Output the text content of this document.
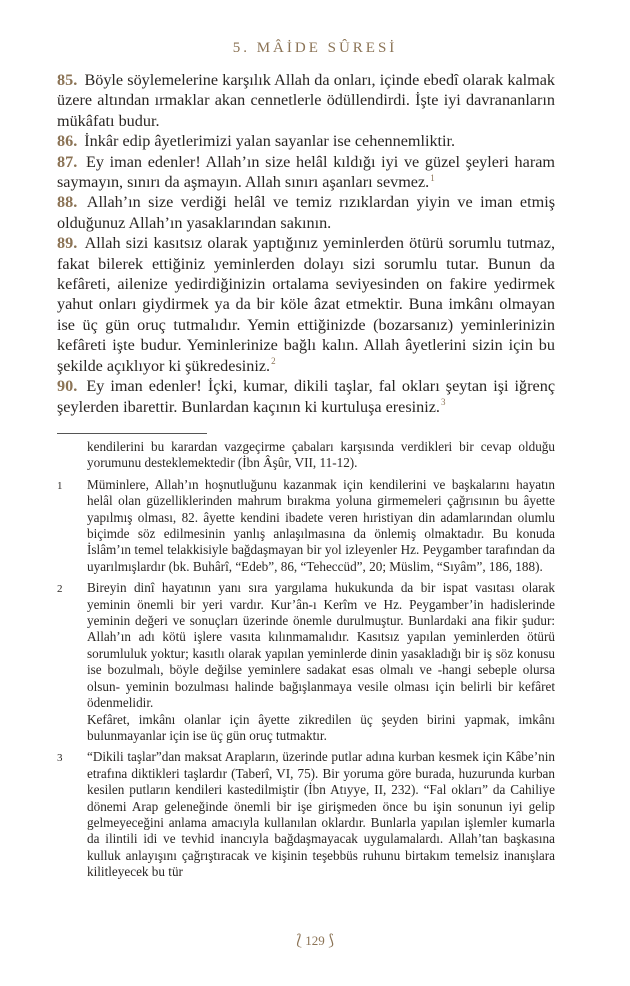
5. MÂİDE SÛRESİ

85. Böyle söylemelerine karşılık Allah da onları, içinde ebedî olarak kalmak üzere altından ırmaklar akan cennetlerle ödüllendirdi. İşte iyi davrananların mükâfatı budur.

86. İnkâr edip âyetlerimizi yalan sayanlar ise cehennemliktir.

87. Ey iman edenler! Allah’ın size helâl kıldığı iyi ve güzel şeyleri haram saymayın, sınırı da aşmayın. Allah sınırı aşanları sevmez.$^1$

88. Allah’ın size verdiği helâl ve temiz rızıklardan yiyin ve iman etmiş olduğunuz Allah’ın yasaklarından sakının.

89. Allah sizi kasıtsız olarak yaptığınız yeminlerden ötürü sorumlu tutmaz, fakat bilerek ettiğiniz yeminlerden dolayı sizi sorumlu tutar. Bunun da kefâreti, ailenize yedirdiğinizin ortalama seviyesinden on fakire yedirmek yahut onları giydirmek ya da bir köle âzat etmektir. Buna imkânı olmayan ise üç gün oruç tutmalıdır. Yemin ettiğinizde (bozarsanız) yeminlerinizin kefâreti işte budur. Yeminlerinize bağlı kalın. Allah âyetlerini sizin için bu şekilde açıklıyor ki şükredesiniz.$^2$

90. Ey iman edenler! İçki, kumar, dikili taşlar, fal okları şeytan işi iğrenç şeylerden ibarettir. Bunlardan kaçının ki kurtuluşa eresiniz.$^3$

kendilerini bu karardan vazgeçirme çabaları karşısında verdikleri bir cevap olduğu yorumunu desteklemektedir (İbn Âşûr, VII, 11-12).

1	Müminlere, Allah’ın hoşnutluğunu kazanmak için kendilerini ve başkalarını hayatın helâl olan güzelliklerinden mahrum bırakma yoluna girmemeleri çağrısının bu âyette yapılmış olması, 82. âyette kendini ibadete veren hıristiyan din adamlarından olumlu biçimde söz edilmesinin yanlış anlaşılmasına da önlemiş olmaktadır. Bu konuda İslâm’ın temel telakkisiyle bağdaşmayan bir yol izleyenler Hz. Peygamber tarafından da uyarılmışlardır (bk. Buhârî, “Edeb”, 86, “Teheccüd”, 20; Müslim, “Sıyâm”, 186, 188).

2	Bireyin dinî hayatının yanı sıra yargılama hukukunda da bir ispat vasıtası olarak yeminin önemli bir yeri vardır. Kur’ân-ı Kerîm ve Hz. Peygamber’in hadislerinde yeminin değeri ve sonuçları üzerinde önemle durulmuştur. Bunlardaki ana fikir şudur: Allah’ın adı kötü işlere vasıta kılınmamalıdır. Kasıtsız yapılan yeminlerden ötürü sorumluluk yoktur; kasıtlı olarak yapılan yeminlerde dinin yasakladığı bir iş söz konusu ise bozulmalı, böyle değilse yeminlere sadakat esas olmalı ve -hangi sebeple olursa olsun- yeminin bozulması halinde bağışlanmaya vesile olması için belirli bir kefâret ödenmelidir.

Kefâret, imkânı olanlar için âyette zikredilen üç şeyden birini yapmak, imkânı bulunmayanlar için ise üç gün oruç tutmaktır.

3	“Dikili taşlar”dan maksat Arapların, üzerinde putlar adına kurban kesmek için Kâbe’nin etrafına diktikleri taşlardır (Taberî, VI, 75). Bir yoruma göre burada, huzurunda kurban kesilen putların kendileri kastedilmiştir (İbn Atıyye, II, 232). “Fal okları” da Cahiliye dönemi Arap geleneğinde önemli bir işe girişmeden önce bu işin sonunun iyi gelip gelmeyeceğini anlama amacıyla kullanılan oklardır. Bunlarla yapılan işlemler kumarla da ilintili idi ve tevhid inancıyla bağdaşmayacak uygulamalardı. Allah’tan başkasına kulluk anlayışını çağrıştıracak ve kişinin teşebbüs ruhunu birtakım temelsiz inanışlara kilitleyecek bu tür

⟅ 129 ⟆
